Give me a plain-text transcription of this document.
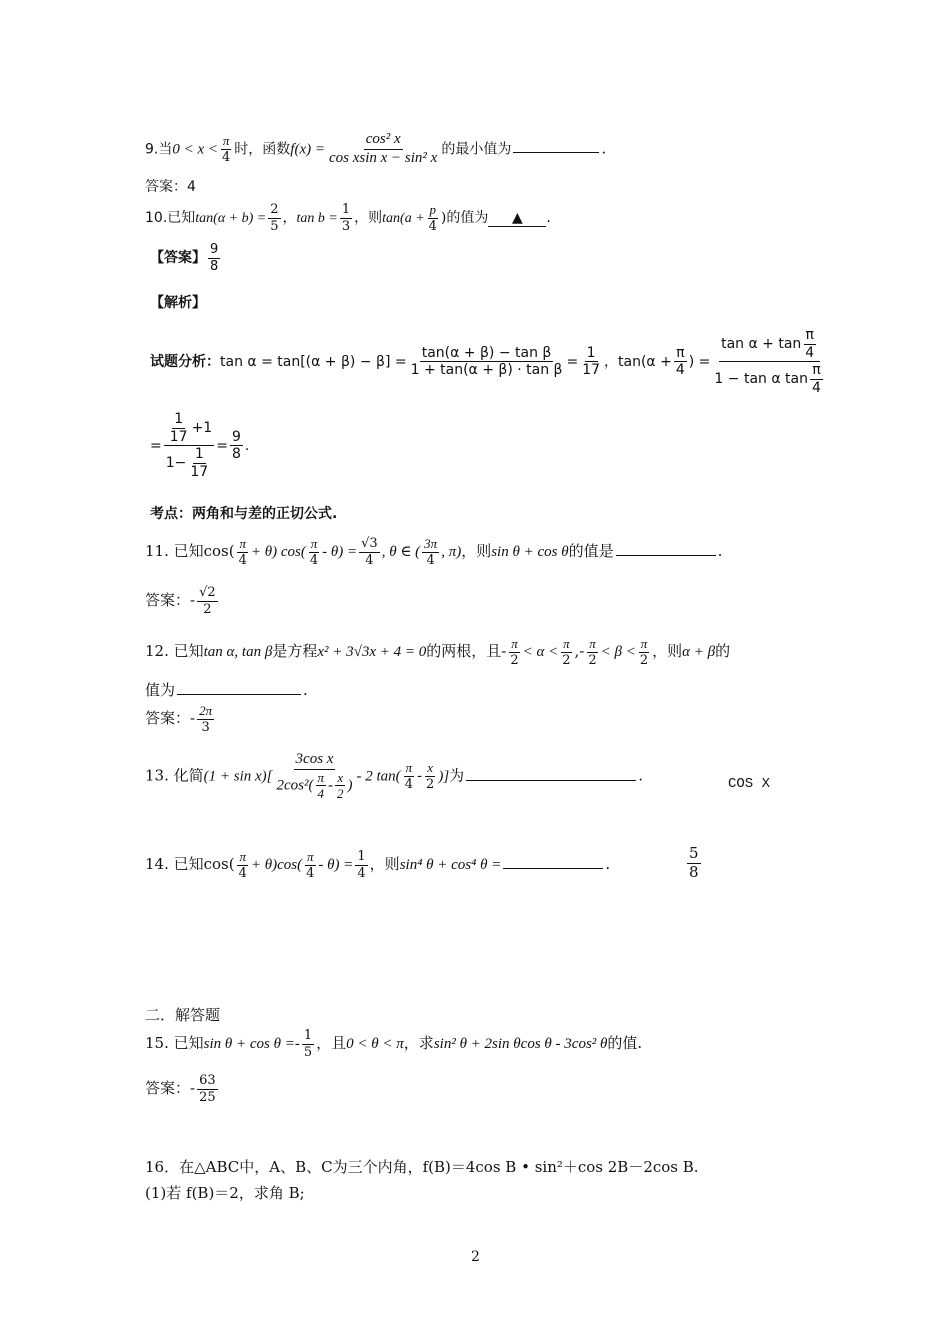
9.当$0 < x < \frac{\pi}{4}$ 时，函数$f(x) = \frac{\text{cos² x}}{\text{cos xsin x − sin² x}}$ 的最小值为	.
答案：4
10.已知$\tan(\alpha + b) = \frac{2}{5}$ ，$\tan b = \frac{1}{3}$ ，则$\tan(a + \frac{p}{4}$ )的值为 ▲ .
【答案】 $\frac{9}{8}$
【解析】
试题分析：$\tan \alpha = \tan[(\alpha + \beta) - \beta] = \frac{\text{tan(α + β) − tan β}}{\text{1 + tan(α + β) · tan β}} = \frac{1}{17}$ ，$\tan(\alpha + \frac{\pi}{4}$ ) = $\frac{\tan \alpha + \tan \frac{\pi}{4}}{1 - \tan \alpha \tan \frac{\pi}{4}}$
= $\frac{\frac{1}{17} +1}{1- \frac{1}{17}} = \frac{9}{8}$ .
考点：两角和与差的正切公式.
11. 已知$\cos( \frac{\pi}{4} + \theta)$ $\cos( \frac{\pi}{4} - \theta) = \frac{√3}{4}$ , θ ∈ ( $\frac{3\pi}{4}$ , π)，则sin θ + cos θ的值是	.
答案：- $\frac{√2}{2}$
12. 已知tan α, tan β是方程x² + 3√3x + 4 = 0的两根，且- $\frac{\pi}{2} < \alpha < \frac{\pi}{2}$ ,- $\frac{\pi}{2} < \beta < \frac{\pi}{2}$ ，则α + β的
值为	.
答案：- $\frac{2\pi}{3}$
13. 化简$(1 + \sin x)[ \frac{\text{3cos x}}{2\cos^2( \frac{\pi}{4} - \frac{x}{2} )} - 2$ $\tan( \frac{\pi}{4} - \frac{x}{2}$ )]为	.	COS X
14. 已知$\cos( \frac{\pi}{4} + \theta)\cos( \frac{\pi}{4} - \theta) = \frac{1}{4}$ ，则sin⁴ θ + cos⁴ θ =	.	$\frac{5}{8}$
二．解答题
15. 已知$\sin \theta + \cos \theta =- \frac{1}{5}$ ，且0 < θ < π，求sin² θ + 2sin θcos θ - 3cos² θ的值.
答案：- $\frac{63}{25}$
16．在△ABC中，A、B、C为三个内角，f(B)＝4cos B • sin²＋cos 2B－2cos B.
(1)若 f(B)＝2，求角 B;
2
